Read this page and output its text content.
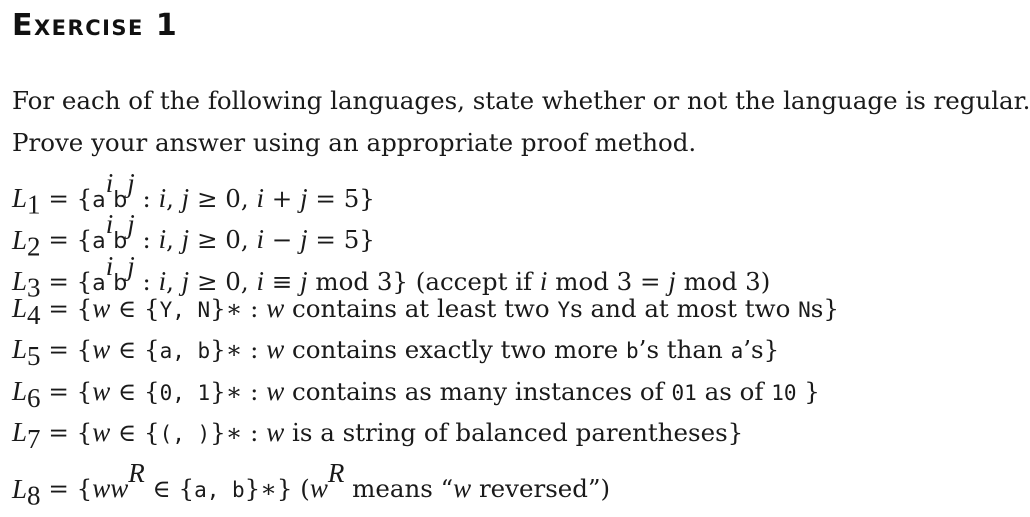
Exercise 1
For each of the following languages, state whether or not the language is regular.
Prove your answer using an appropriate proof method.
$L_1 = \{a^ib^j$ : i, j ≥ 0, i + j = 5}
$L_2 = \{a^ib^j$ : i, j ≥ 0, i − j = 5}
$L_3 = \{a^ib^j$ : i, j ≥ 0, i ≡ j mod 3} (accept if i mod 3 = j mod 3)
$L_4 = \{w$ ∈ {Y, N}∗ : w contains at least two Ys and at most two Ns}
$L_5 = \{w$ ∈ {a, b}∗ : w contains exactly two more b’s than a’s}
$L_6 = \{w$ ∈ {0, 1}∗ : w contains as many instances of 01 as of 10 }
$L_7 = \{w$ ∈ {(, )}∗ : w is a string of balanced parentheses}
$L_8 = \{ww^R$ ∈ {a, b}∗} ($w^R$ means “w reversed”)
